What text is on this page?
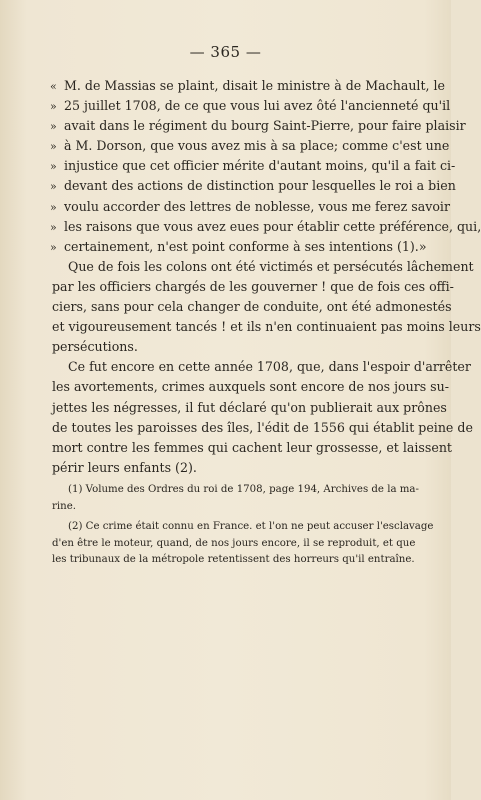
— 365 —
« M. de Massias se plaint, disait le ministre à de Machault, le
» 25 juillet 1708, de ce que vous lui avez ôté l'ancienneté qu'il
» avait dans le régiment du bourg Saint-Pierre, pour faire plaisir
» à M. Dorson, que vous avez mis à sa place; comme c'est une
» injustice que cet officier mérite d'autant moins, qu'il a fait ci-
» devant des actions de distinction pour lesquelles le roi a bien
» voulu accorder des lettres de noblesse, vous me ferez savoir
» les raisons que vous avez eues pour établir cette préférence, qui,
» certainement, n'est point conforme à ses intentions (1).»
Que de fois les colons ont été victimés et persécutés lâchement
par les officiers chargés de les gouverner ! que de fois ces offi-
ciers, sans pour cela changer de conduite, ont été admonestés
et vigoureusement tancés ! et ils n'en continuaient pas moins leurs
persécutions.
Ce fut encore en cette année 1708, que, dans l'espoir d'arrêter
les avortements, crimes auxquels sont encore de nos jours su-
jettes les négresses, il fut déclaré qu'on publierait aux prônes
de toutes les paroisses des îles, l'édit de 1556 qui établit peine de
mort contre les femmes qui cachent leur grossesse, et laissent
périr leurs enfants (2).
(1) Volume des Ordres du roi de 1708, page 194, Archives de la ma-
rine.
(2) Ce crime était connu en France. et l'on ne peut accuser l'esclavage
d'en être le moteur, quand, de nos jours encore, il se reproduit, et que
les tribunaux de la métropole retentissent des horreurs qu'il entraîne.
